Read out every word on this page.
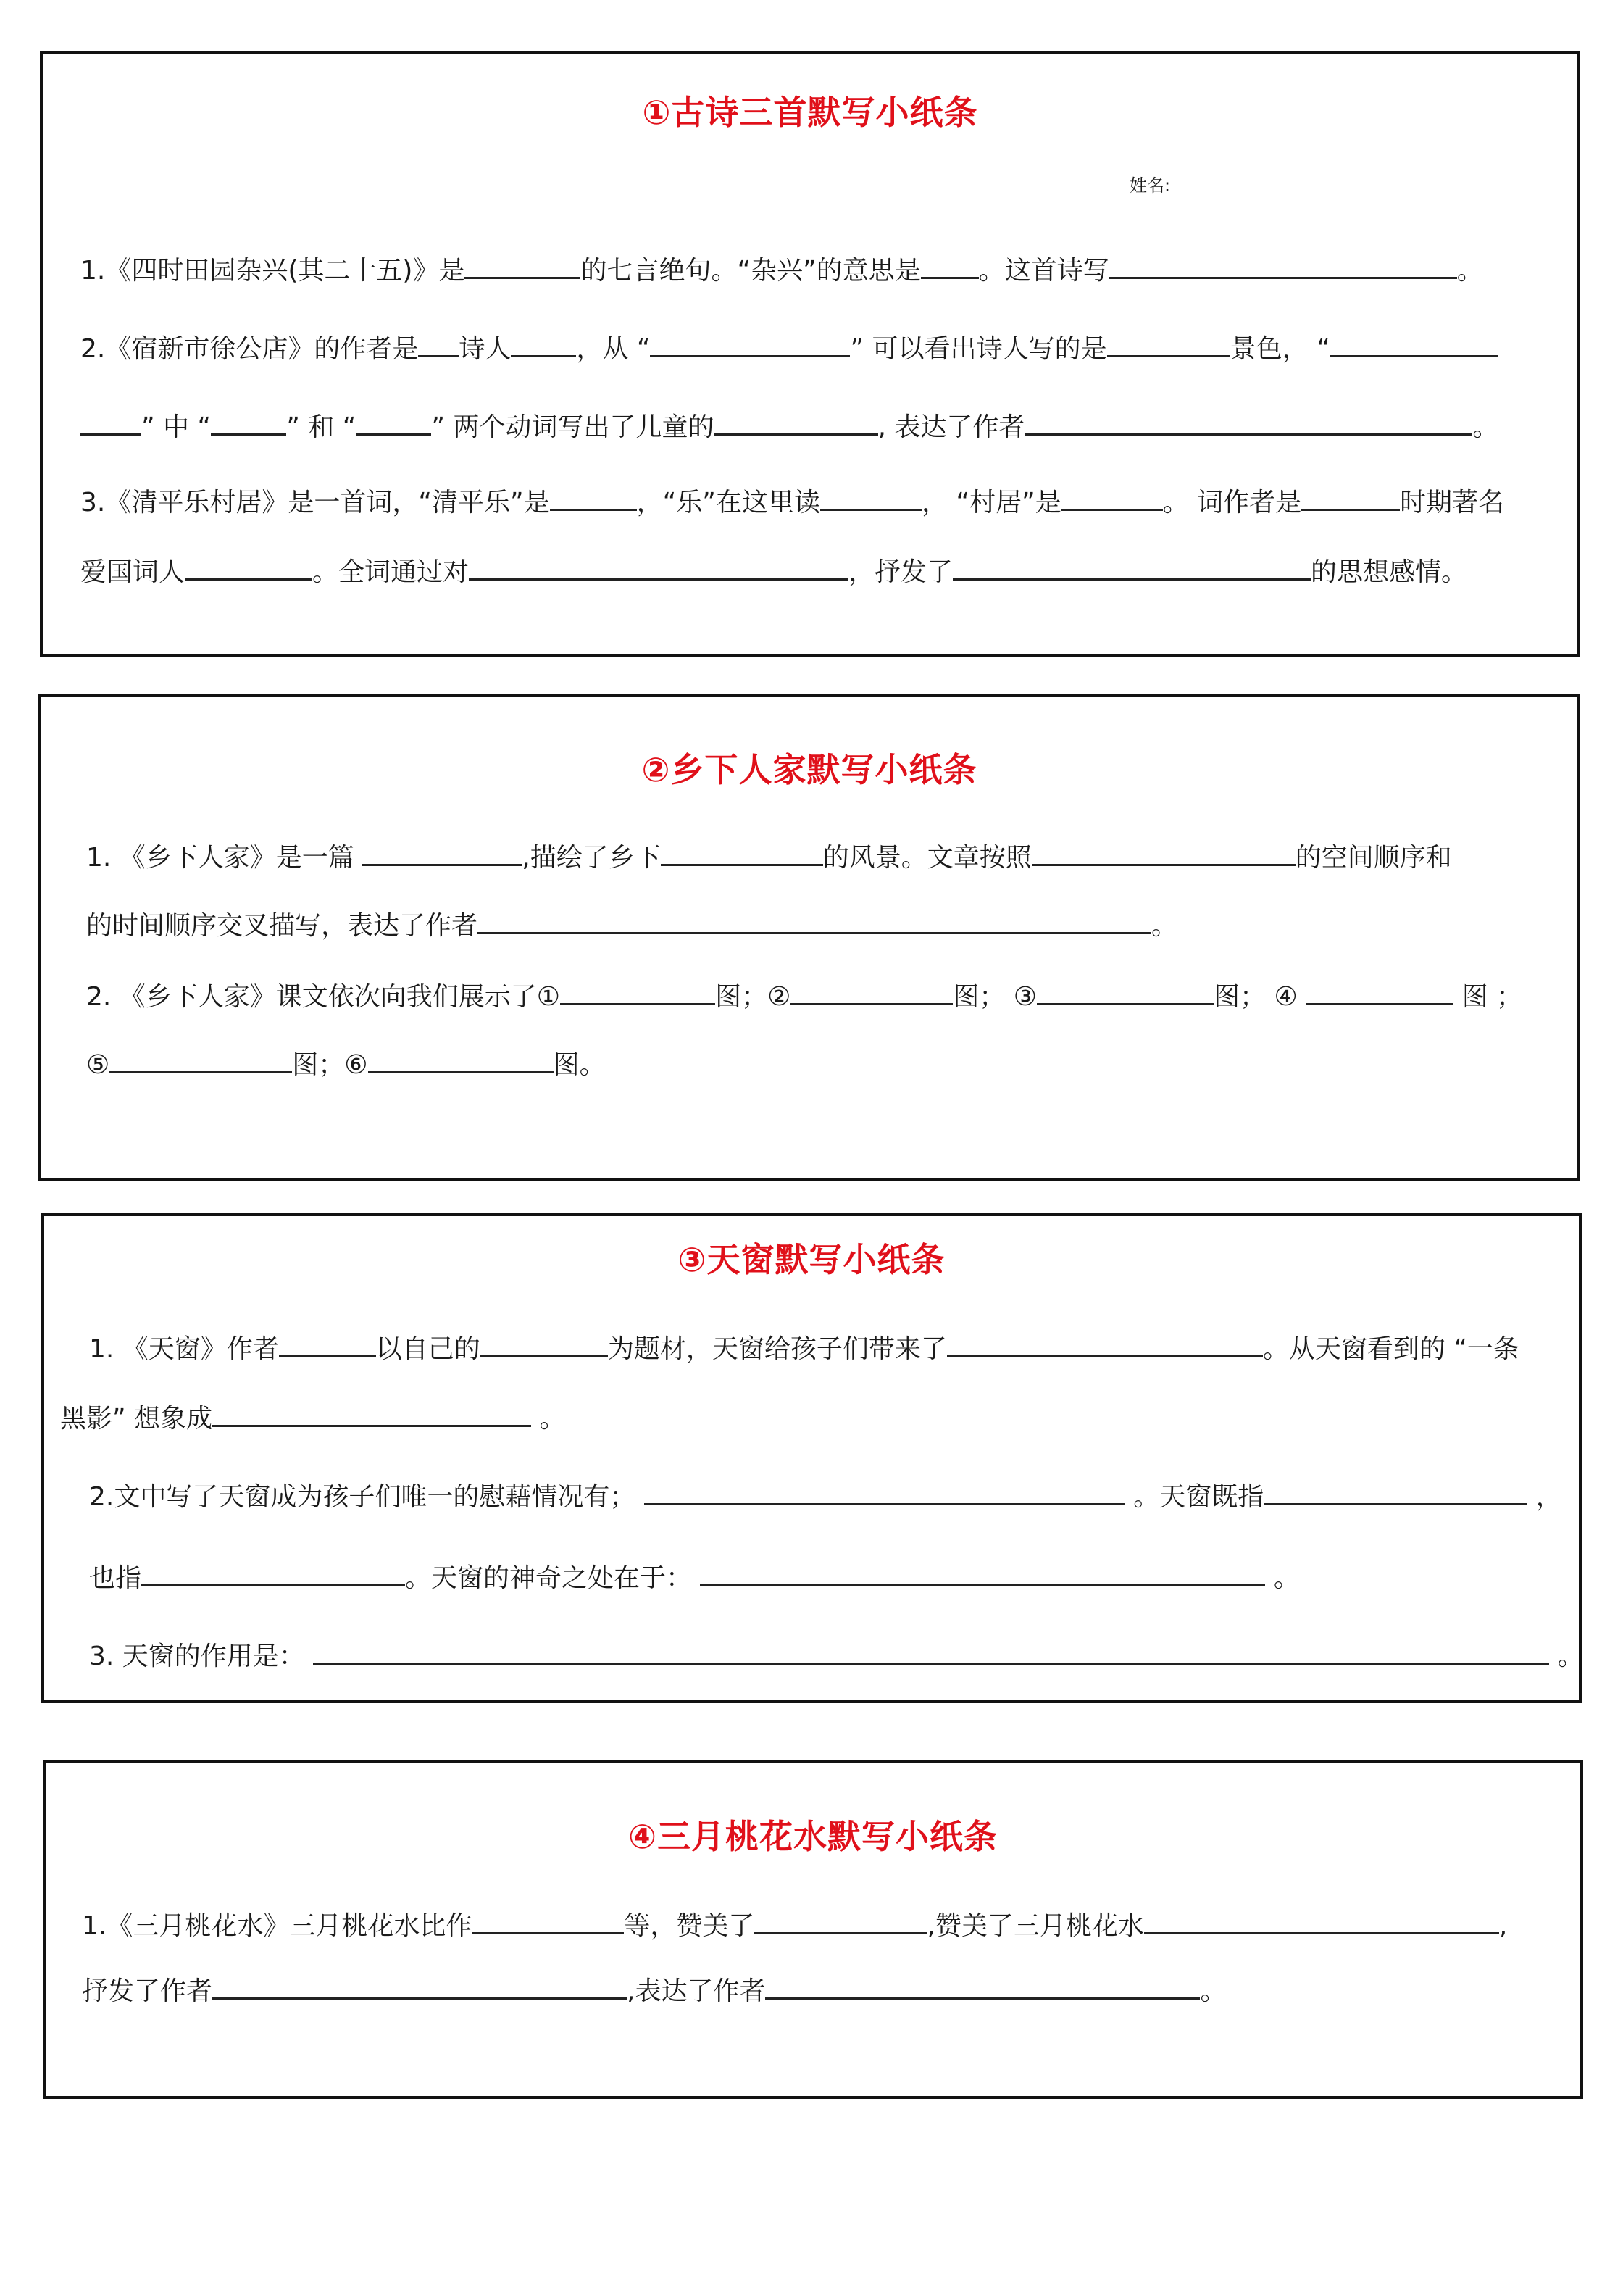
①古诗三首默写小纸条
姓名:
1.《四时田园杂兴(其二十五)》是	的七言绝句。“杂兴”的意思是 。这首诗写	。
2.《宿新市徐公店》的作者是 诗人	，从 “	” 可以看出诗人写的是	景色， “
” 中 “	” 和 “	” 两个动词写出了儿童的	, 表达了作者	。
3.《清平乐村居》是一首词，“清平乐”是	，“乐”在这里读	， “村居”是	。 词作者是	时期著名
爱国词人	。全词通过对	，抒发了	的思想感情。
②乡下人家默写小纸条
1. 《乡下人家》是一篇	,描绘了乡下	的风景。文章按照	的空间顺序和
的时间顺序交叉描写，表达了作者	。
2. 《乡下人家》课文依次向我们展示了①	图；②	图； ③	图； ④	图 ；
⑤	图；⑥	图。
③天窗默写小纸条
1. 《天窗》作者	以自己的	为题材，天窗给孩子们带来了	。从天窗看到的 “一条
黑影” 想象成	。
2.文中写了天窗成为孩子们唯一的慰藉情况有；	。天窗既指	，
也指	。天窗的神奇之处在于：	。
3. 天窗的作用是：	。
④三月桃花水默写小纸条
1.《三月桃花水》三月桃花水比作	等，赞美了	,赞美了三月桃花水	,
抒发了作者	,表达了作者	。
